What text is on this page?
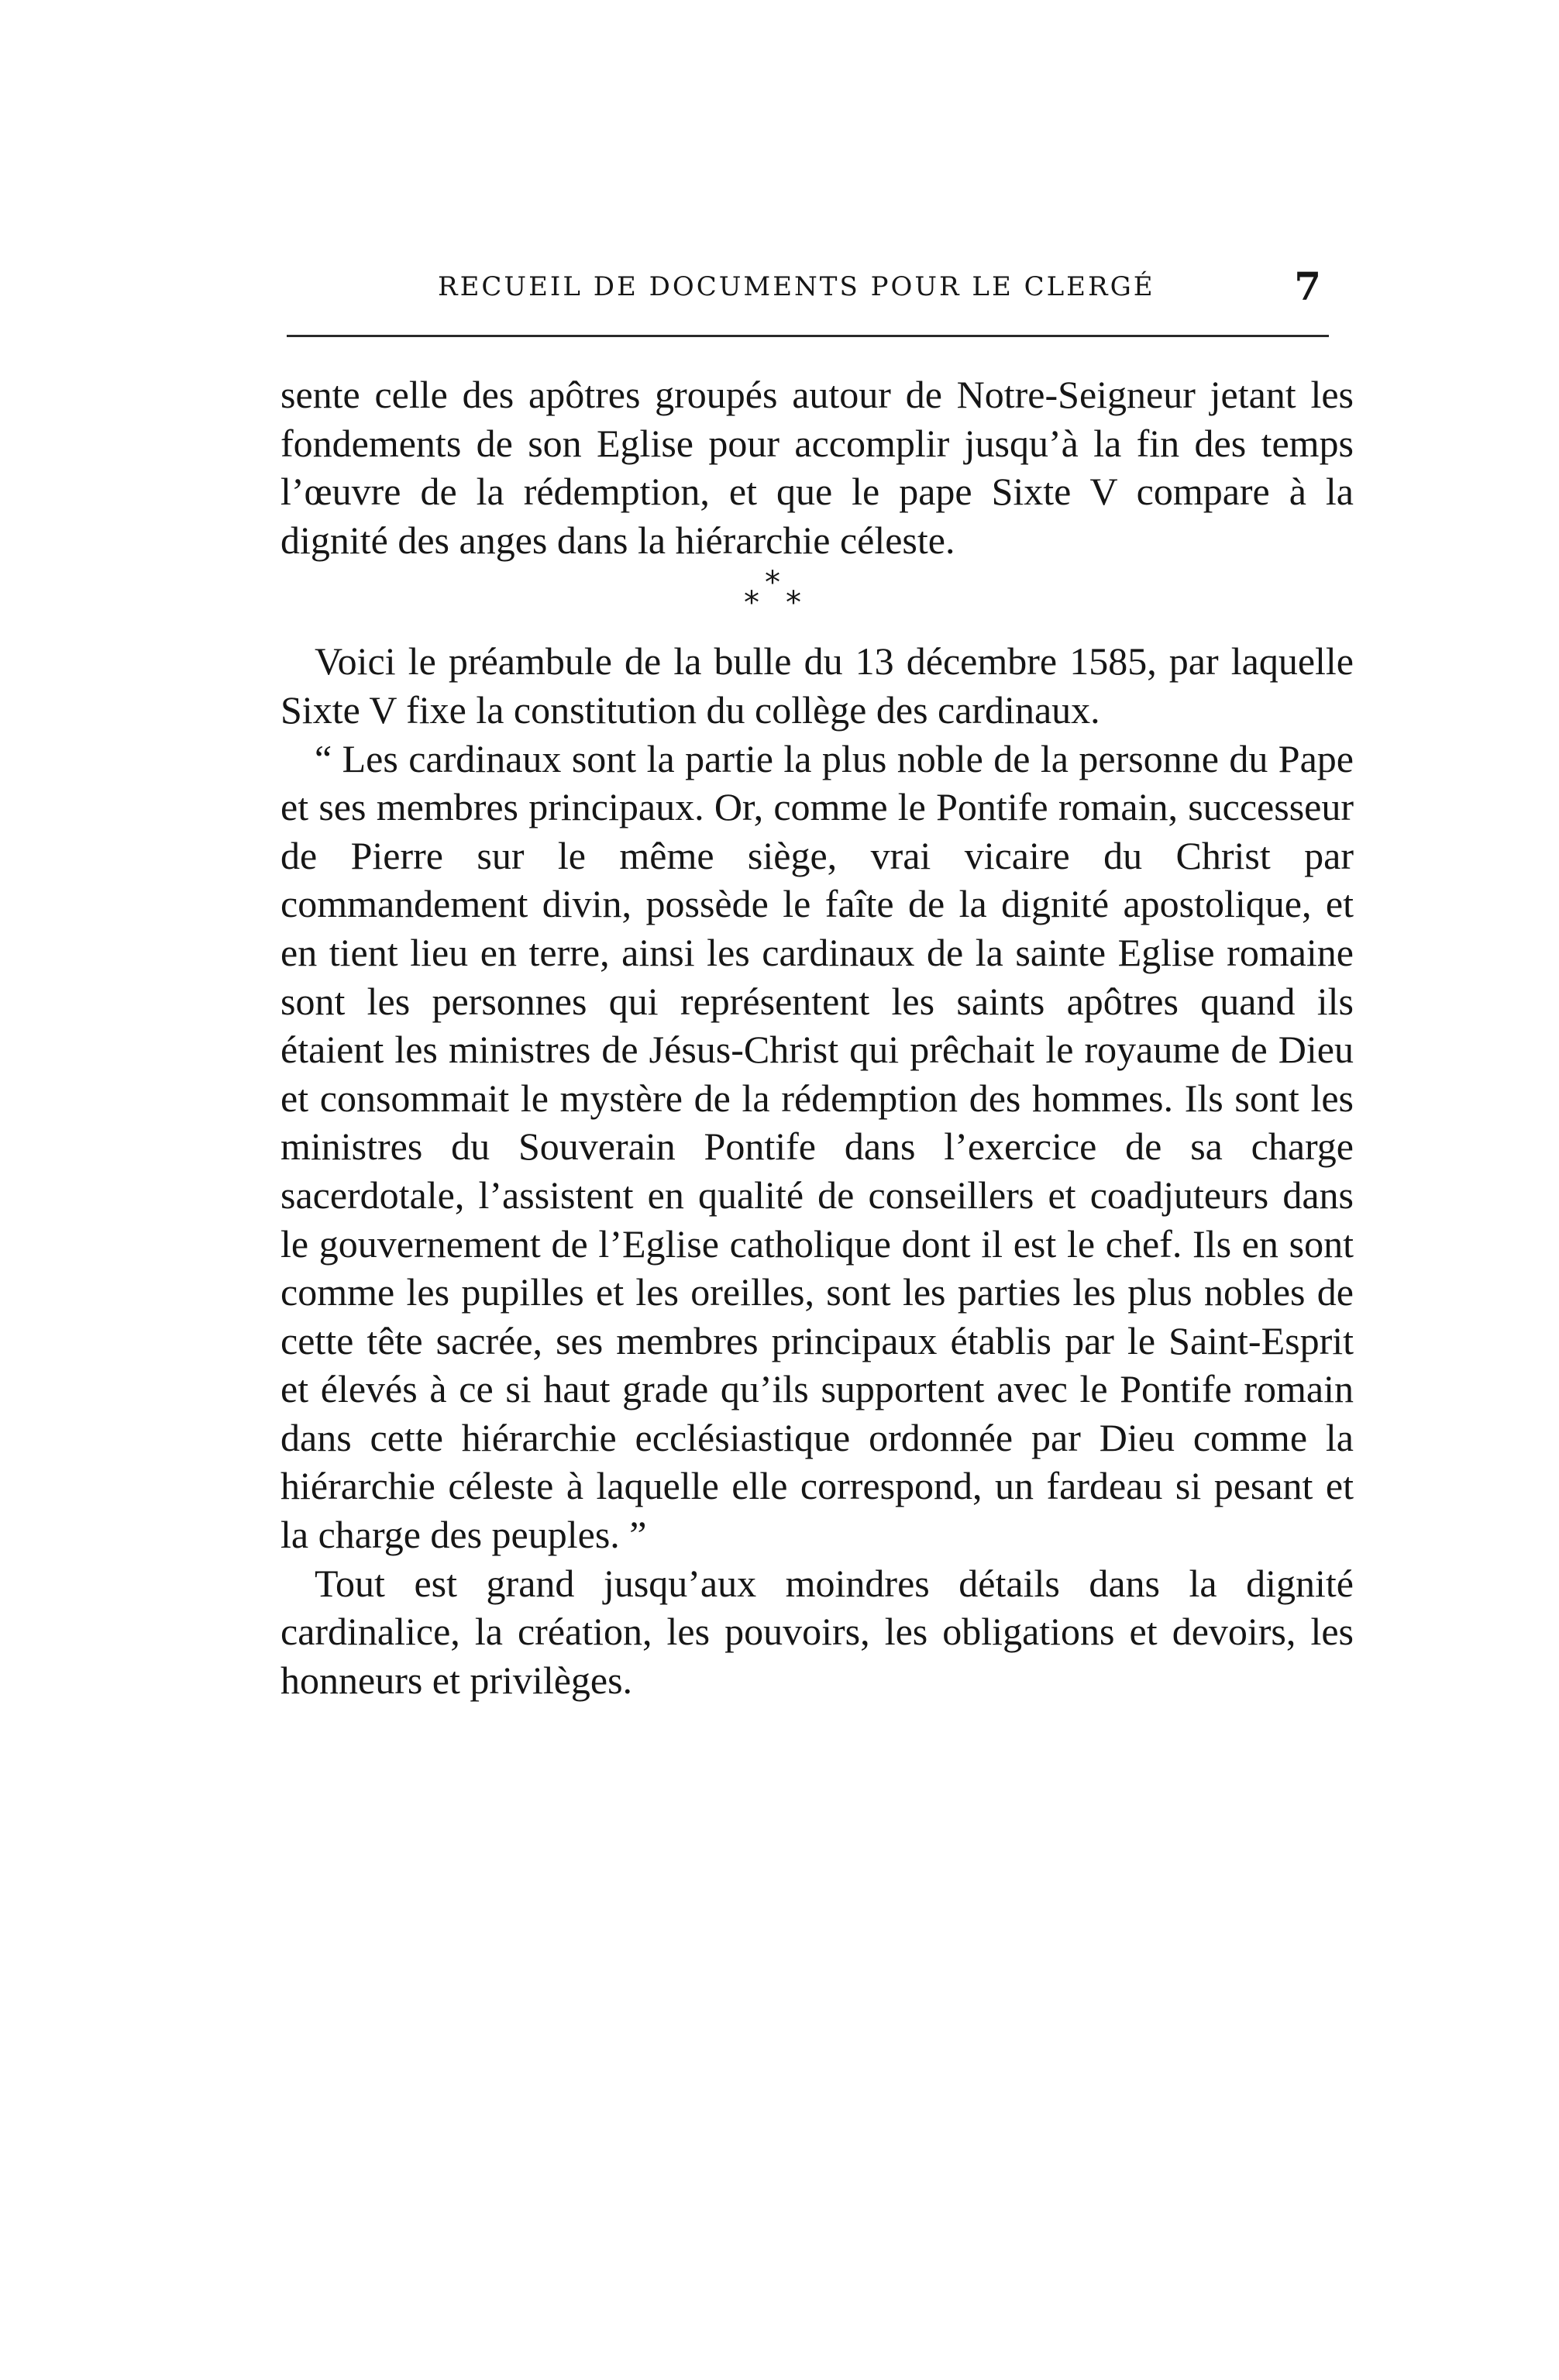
RECUEIL DE DOCUMENTS POUR LE CLERGÉ	7

sente celle des apôtres groupés autour de Notre-Seigneur jetant les fondements de son Eglise pour accomplir jusqu’à la fin des temps l’œuvre de la rédemption, et que le pape Sixte V compare à la dignité des anges dans la hiérarchie céleste.

*
* *

Voici le préambule de la bulle du 13 décembre 1585, par laquelle Sixte V fixe la constitution du collège des cardinaux.

“ Les cardinaux sont la partie la plus noble de la personne du Pape et ses membres principaux. Or, comme le Pontife romain, successeur de Pierre sur le même siège, vrai vicaire du Christ par commandement divin, possède le faîte de la dignité apostolique, et en tient lieu en terre, ainsi les cardinaux de la sainte Eglise romaine sont les personnes qui représentent les saints apôtres quand ils étaient les ministres de Jésus-Christ qui prêchait le royaume de Dieu et consommait le mystère de la rédemption des hommes. Ils sont les ministres du Souverain Pontife dans l’exercice de sa charge sacerdotale, l’assistent en qualité de conseillers et coadjuteurs dans le gouvernement de l’Eglise catholique dont il est le chef. Ils en sont comme les pupilles et les oreilles, sont les parties les plus nobles de cette tête sacrée, ses membres principaux établis par le Saint-Esprit et élevés à ce si haut grade qu’ils supportent avec le Pontife romain dans cette hiérarchie ecclésiastique ordonnée par Dieu comme la hiérarchie céleste à laquelle elle correspond, un fardeau si pesant et la charge des peuples. ”

Tout est grand jusqu’aux moindres détails dans la dignité cardinalice, la création, les pouvoirs, les obligations et devoirs, les honneurs et privilèges.
